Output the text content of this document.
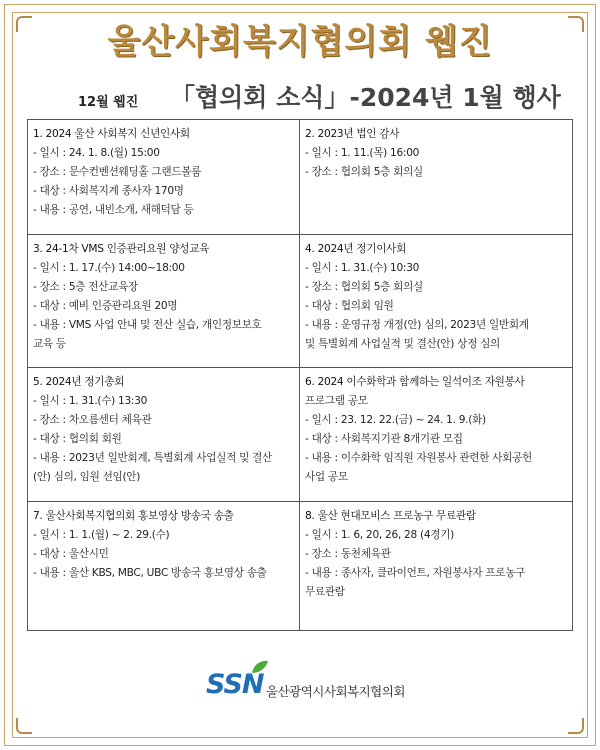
울산사회복지협의회 웹진
12월 웹진 「협의회 소식」-2024년 1월 행사
1. 2024 울산 사회복지 신년인사회
- 일시 : 24. 1. 8.(월) 15:00
- 장소 : 문수컨벤션웨딩홀 그랜드볼룸
- 대상 : 사회복지계 종사자 170명
- 내용 : 공연, 내빈소개, 새해덕담 등
2. 2023년 법인 감사
- 일시 : 1. 11.(목) 16:00
- 장소 : 협의회 5층 회의실
3. 24-1차 VMS 인증관리요원 양성교육
- 일시 : 1. 17.(수) 14:00~18:00
- 장소 : 5층 전산교육장
- 대상 : 예비 인증관리요원 20명
- 내용 : VMS 사업 안내 및 전산 실습, 개인정보보호
교육 등
4. 2024년 정기이사회
- 일시 : 1. 31.(수) 10:30
- 장소 : 협의회 5층 회의실
- 대상 : 협의회 임원
- 내용 : 운영규정 개정(안) 심의, 2023년 일반회계
및 특별회계 사업실적 및 결산(안) 상정 심의
5. 2024년 정기총회
- 일시 : 1. 31.(수) 13:30
- 장소 : 차오름센터 체육관
- 대상 : 협의회 회원
- 내용 : 2023년 일반회계, 특별회계 사업실적 및 결산
(안) 심의, 임원 선임(안)
6. 2024 이수화학과 함께하는 일석이조 자원봉사
프로그램 공모
- 일시 : 23. 12. 22.(금) ~ 24. 1. 9.(화)
- 대상 : 사회복지기관 8개기관 모집
- 내용 : 이수화학 임직원 자원봉사 관련한 사회공헌
사업 공모
7. 울산사회복지협의회 홍보영상 방송국 송출
- 일시 : 1. 1.(월) ~ 2. 29.(수)
- 대상 : 울산시민
- 내용 : 울산 KBS, MBC, UBC 방송국 홍보영상 송출
8. 울산 현대모비스 프로농구 무료관람
- 일시 : 1. 6, 20, 26, 28 (4경기)
- 장소 : 동천체육관
- 내용 : 종사자, 클라이언트, 자원봉사자 프로농구
무료관람
SSN 울산광역시사회복지협의회
